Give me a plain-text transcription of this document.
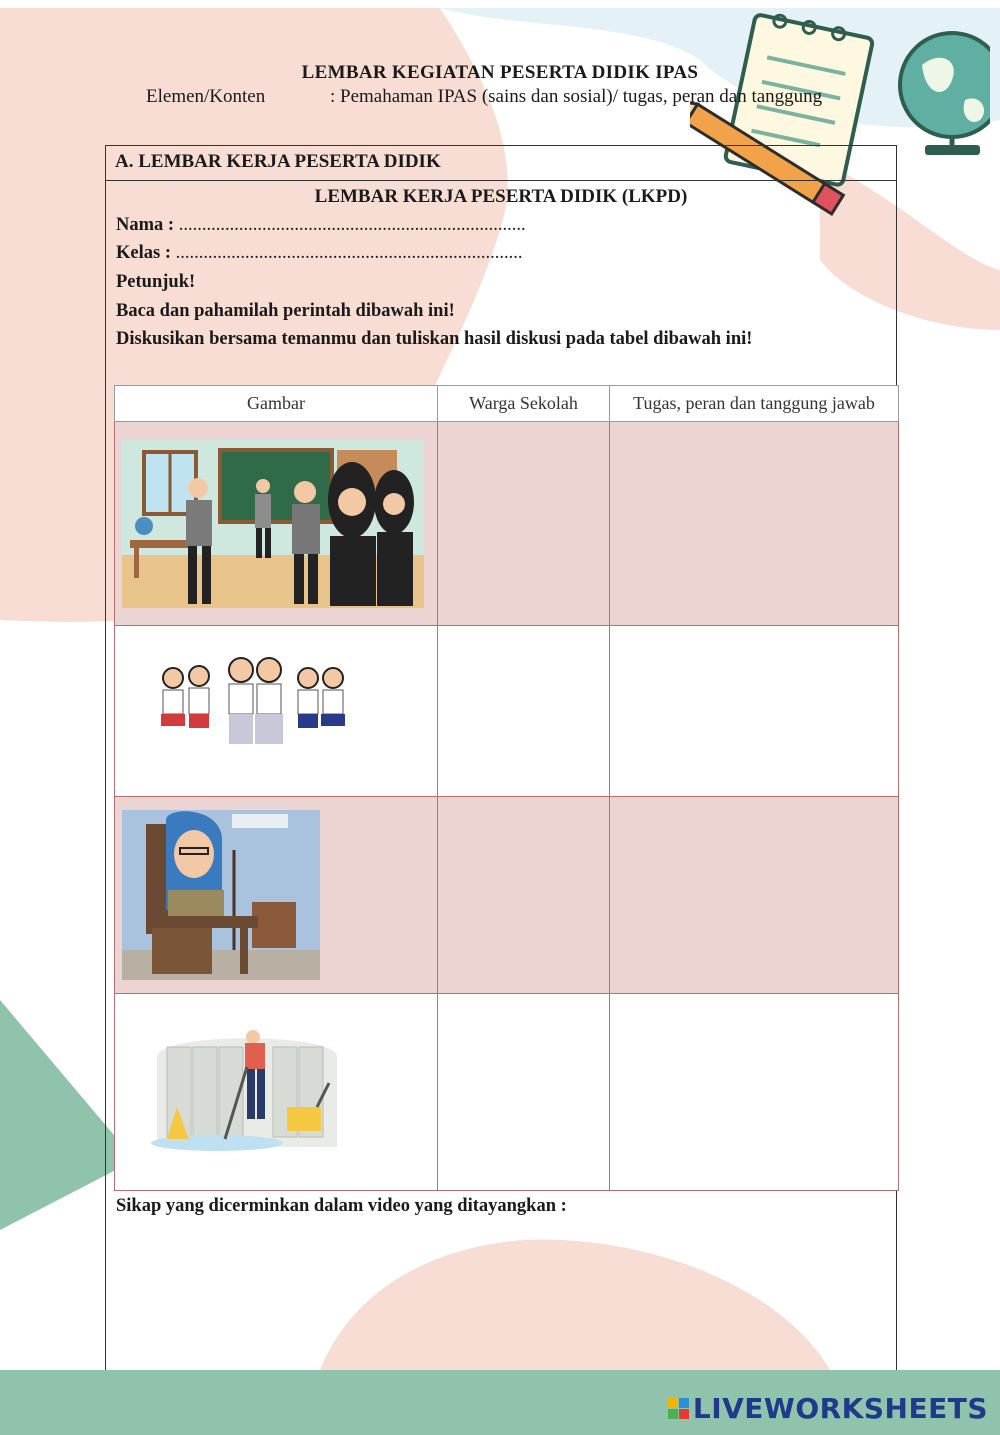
LEMBAR KEGIATAN PESERTA DIDIK IPAS
Elemen/Konten	: Pemahaman IPAS (sains dan sosial)/ tugas, peran dan tanggung
A. LEMBAR KERJA PESERTA DIDIK
LEMBAR KERJA PESERTA DIDIK (LKPD)
Nama : ...........................................................................
Kelas : ...........................................................................
Petunjuk!
Baca dan pahamilah perintah dibawah ini!
Diskusikan bersama temanmu dan tuliskan hasil diskusi pada tabel dibawah ini!
Gambar	Warga Sekolah	Tugas, peran dan tanggung jawab

Sikap yang dicerminkan dalam video yang ditayangkan :
LIVEWORKSHEETS
